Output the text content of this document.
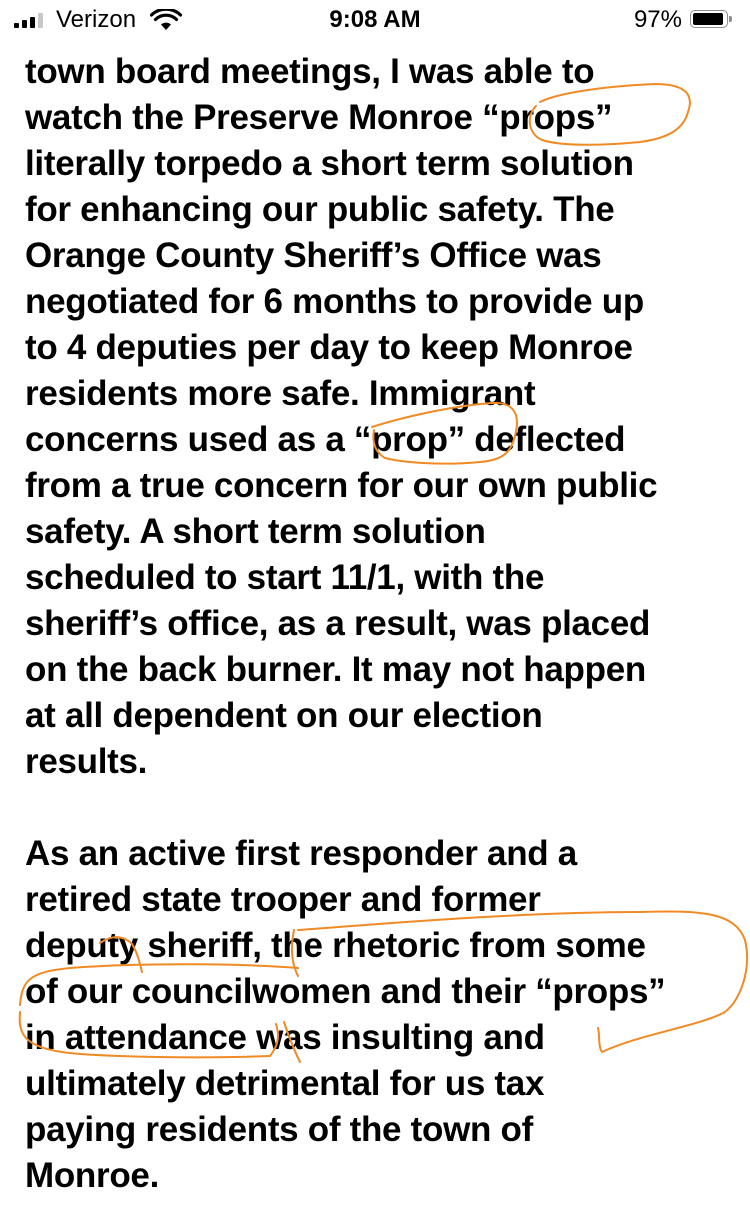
Verizon	9:08 AM	97%
town board meetings, I was able to
watch the Preserve Monroe “props”
literally torpedo a short term solution
for enhancing our public safety. The
Orange County Sheriff’s Office was
negotiated for 6 months to provide up
to 4 deputies per day to keep Monroe
residents more safe. Immigrant
concerns used as a “prop” deflected
from a true concern for our own public
safety. A short term solution
scheduled to start 11/1, with the
sheriff’s office, as a result, was placed
on the back burner. It may not happen
at all dependent on our election
results.
As an active first responder and a
retired state trooper and former
deputy sheriff, the rhetoric from some
of our councilwomen and their “props”
in attendance was insulting and
ultimately detrimental for us tax
paying residents of the town of
Monroe.
